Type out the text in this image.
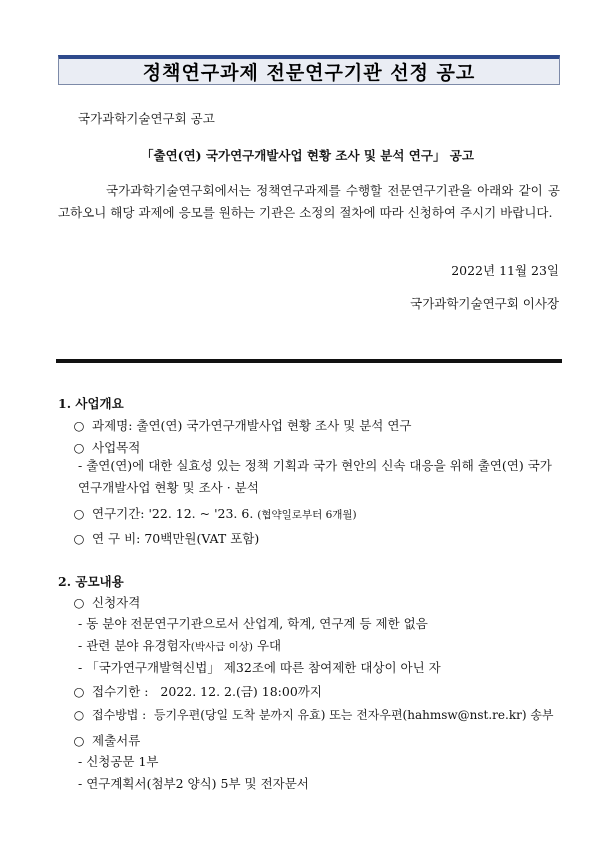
정책연구과제 전문연구기관 선정 공고
국가과학기술연구회 공고
「출연(연) 국가연구개발사업 현황 조사 및 분석 연구」 공고
국가과학기술연구회에서는 정책연구과제를 수행할 전문연구기관을 아래와 같이 공고하오니 해당 과제에 응모를 원하는 기관은 소정의 절차에 따라 신청하여 주시기 바랍니다.
2022년 11월 23일
국가과학기술연구회 이사장
1. 사업개요
○ 과제명: 출연(연) 국가연구개발사업 현황 조사 및 분석 연구
○ 사업목적
- 출연(연)에 대한 실효성 있는 정책 기획과 국가 현안의 신속 대응을 위해 출연(연) 국가연구개발사업 현황 및 조사 · 분석
○ 연구기간: '22. 12. ~ '23. 6. (협약일로부터 6개월)
○ 연 구 비: 70백만원(VAT 포함)
2. 공모내용
○ 신청자격
- 동 분야 전문연구기관으로서 산업계, 학계, 연구계 등 제한 없음
- 관련 분야 유경험자(박사급 이상) 우대
- 「국가연구개발혁신법」 제32조에 따른 참여제한 대상이 아닌 자
○ 접수기한 : 2022. 12. 2.(금) 18:00까지
○ 접수방법 : 등기우편(당일 도착 분까지 유효) 또는 전자우편(hahmsw@nst.re.kr) 송부
○ 제출서류
- 신청공문 1부
- 연구계획서(첨부2 양식) 5부 및 전자문서
